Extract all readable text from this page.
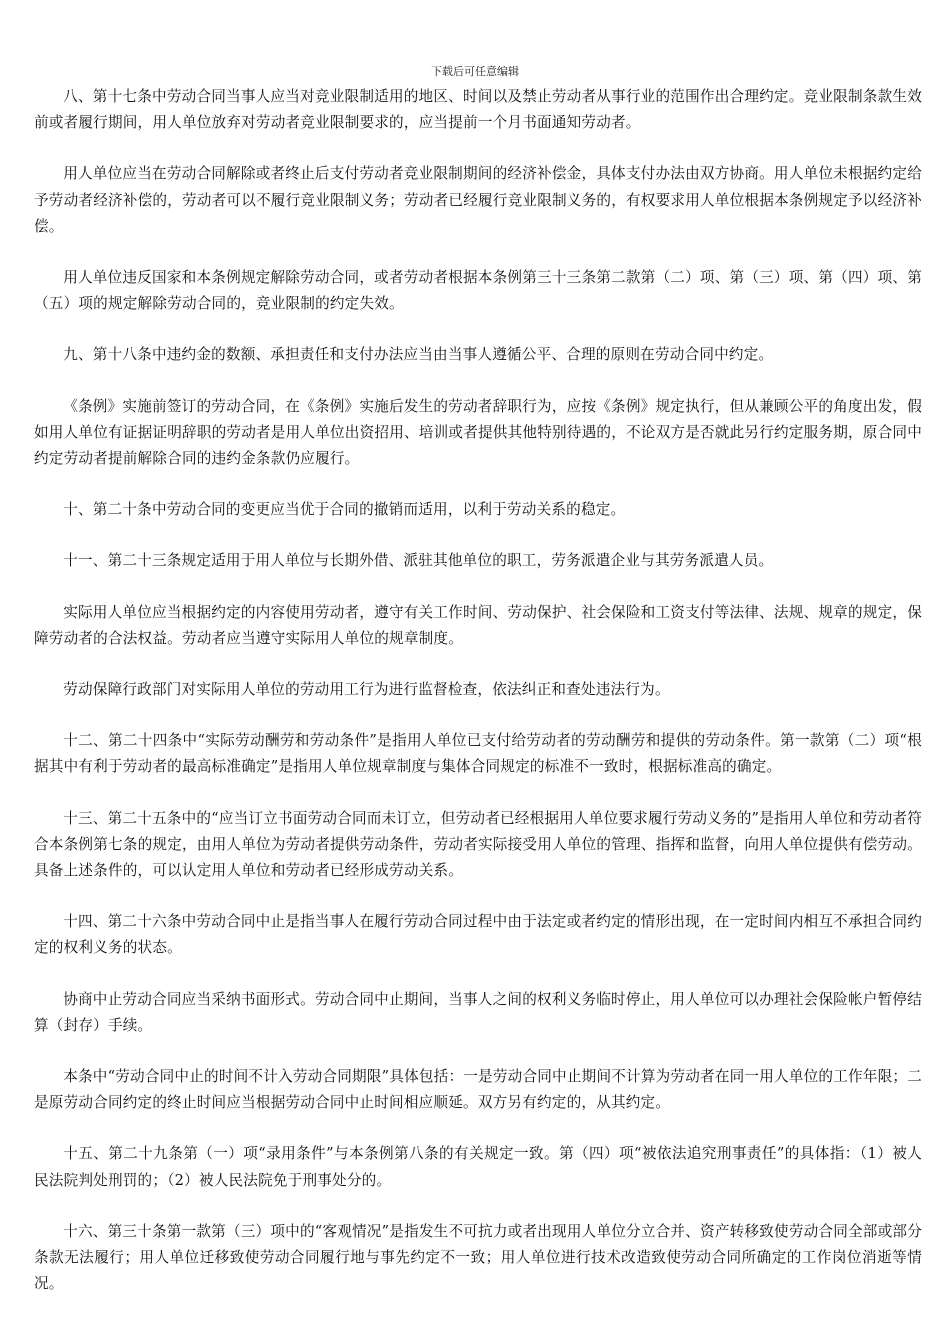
下载后可任意编辑

八、第十七条中劳动合同当事人应当对竞业限制适用的地区、时间以及禁止劳动者从事行业的范围作出合理约定。竞业限制条款生效前或者履行期间，用人单位放弃对劳动者竞业限制要求的，应当提前一个月书面通知劳动者。

用人单位应当在劳动合同解除或者终止后支付劳动者竞业限制期间的经济补偿金，具体支付办法由双方协商。用人单位未根据约定给予劳动者经济补偿的，劳动者可以不履行竞业限制义务；劳动者已经履行竞业限制义务的，有权要求用人单位根据本条例规定予以经济补偿。

用人单位违反国家和本条例规定解除劳动合同，或者劳动者根据本条例第三十三条第二款第（二）项、第（三）项、第（四）项、第（五）项的规定解除劳动合同的，竞业限制的约定失效。

九、第十八条中违约金的数额、承担责任和支付办法应当由当事人遵循公平、合理的原则在劳动合同中约定。

《条例》实施前签订的劳动合同，在《条例》实施后发生的劳动者辞职行为，应按《条例》规定执行，但从兼顾公平的角度出发，假如用人单位有证据证明辞职的劳动者是用人单位出资招用、培训或者提供其他特别待遇的，不论双方是否就此另行约定服务期，原合同中约定劳动者提前解除合同的违约金条款仍应履行。

十、第二十条中劳动合同的变更应当优于合同的撤销而适用，以利于劳动关系的稳定。

十一、第二十三条规定适用于用人单位与长期外借、派驻其他单位的职工，劳务派遣企业与其劳务派遣人员。

实际用人单位应当根据约定的内容使用劳动者，遵守有关工作时间、劳动保护、社会保险和工资支付等法律、法规、规章的规定，保障劳动者的合法权益。劳动者应当遵守实际用人单位的规章制度。

劳动保障行政部门对实际用人单位的劳动用工行为进行监督检查，依法纠正和查处违法行为。

十二、第二十四条中“实际劳动酬劳和劳动条件”是指用人单位已支付给劳动者的劳动酬劳和提供的劳动条件。第一款第（二）项“根据其中有利于劳动者的最高标准确定”是指用人单位规章制度与集体合同规定的标准不一致时，根据标准高的确定。

十三、第二十五条中的“应当订立书面劳动合同而未订立，但劳动者已经根据用人单位要求履行劳动义务的”是指用人单位和劳动者符合本条例第七条的规定，由用人单位为劳动者提供劳动条件，劳动者实际接受用人单位的管理、指挥和监督，向用人单位提供有偿劳动。具备上述条件的，可以认定用人单位和劳动者已经形成劳动关系。

十四、第二十六条中劳动合同中止是指当事人在履行劳动合同过程中由于法定或者约定的情形出现，在一定时间内相互不承担合同约定的权利义务的状态。

协商中止劳动合同应当采纳书面形式。劳动合同中止期间，当事人之间的权利义务临时停止，用人单位可以办理社会保险帐户暂停结算（封存）手续。

本条中“劳动合同中止的时间不计入劳动合同期限”具体包括：一是劳动合同中止期间不计算为劳动者在同一用人单位的工作年限；二是原劳动合同约定的终止时间应当根据劳动合同中止时间相应顺延。双方另有约定的，从其约定。

十五、第二十九条第（一）项“录用条件”与本条例第八条的有关规定一致。第（四）项“被依法追究刑事责任”的具体指：（1）被人民法院判处刑罚的；（2）被人民法院免于刑事处分的。

十六、第三十条第一款第（三）项中的“客观情况”是指发生不可抗力或者出现用人单位分立合并、资产转移致使劳动合同全部或部分条款无法履行；用人单位迁移致使劳动合同履行地与事先约定不一致；用人单位进行技术改造致使劳动合同所确定的工作岗位消逝等情况。
